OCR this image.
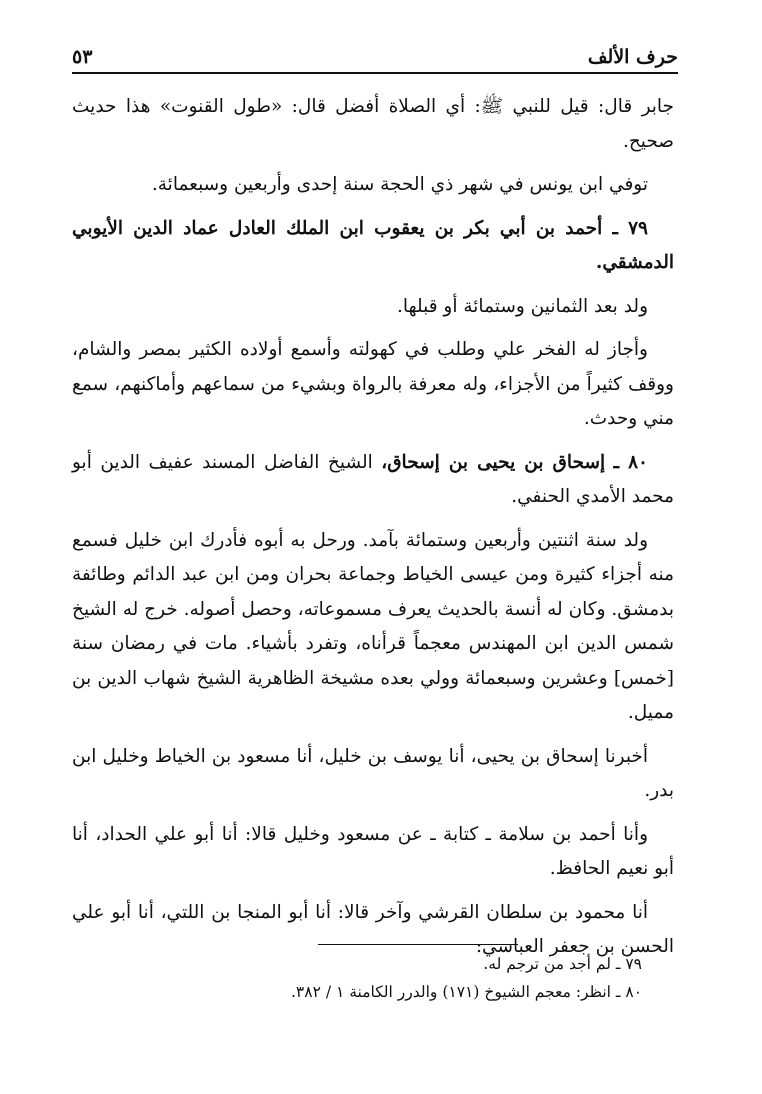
حرف الألف
٥٣

جابر قال: قيل للنبي ﷺ: أي الصلاة أفضل قال: «طول القنوت» هذا حديث صحيح.

توفي ابن يونس في شهر ذي الحجة سنة إحدى وأربعين وسبعمائة.

٧٩ ـ أحمد بن أبي بكر بن يعقوب ابن الملك العادل عماد الدين الأيوبي الدمشقي.

ولد بعد الثمانين وستمائة أو قبلها.

وأجاز له الفخر علي وطلب في كهولته وأسمع أولاده الكثير بمصر والشام، ووقف كثيراً من الأجزاء، وله معرفة بالرواة وبشيء من سماعهم وأماكنهم، سمع مني وحدث.

٨٠ ـ إسحاق بن يحيى بن إسحاق، الشيخ الفاضل المسند عفيف الدين أبو محمد الأمدي الحنفي.

ولد سنة اثنتين وأربعين وستمائة بآمد. ورحل به أبوه فأدرك ابن خليل فسمع منه أجزاء كثيرة ومن عيسى الخياط وجماعة بحران ومن ابن عبد الدائم وطائفة بدمشق. وكان له أنسة بالحديث يعرف مسموعاته، وحصل أصوله. خرج له الشيخ شمس الدين ابن المهندس معجماً قرأناه، وتفرد بأشياء. مات في رمضان سنة [خمس] وعشرين وسبعمائة وولي بعده مشيخة الظاهرية الشيخ شهاب الدين بن مميل.

أخبرنا إسحاق بن يحيى، أنا يوسف بن خليل، أنا مسعود بن الخياط وخليل ابن بدر.

وأنا أحمد بن سلامة ـ كتابة ـ عن مسعود وخليل قالا: أنا أبو علي الحداد، أنا أبو نعيم الحافظ.

أنا محمود بن سلطان القرشي وآخر قالا: أنا أبو المنجا بن اللتي، أنا أبو علي الحسن بن جعفر العباسي:

٧٩ ـ لم أجد من ترجم له.

٨٠ ـ انظر: معجم الشيوخ (١٧١) والدرر الكامنة ١ / ٣٨٢.
